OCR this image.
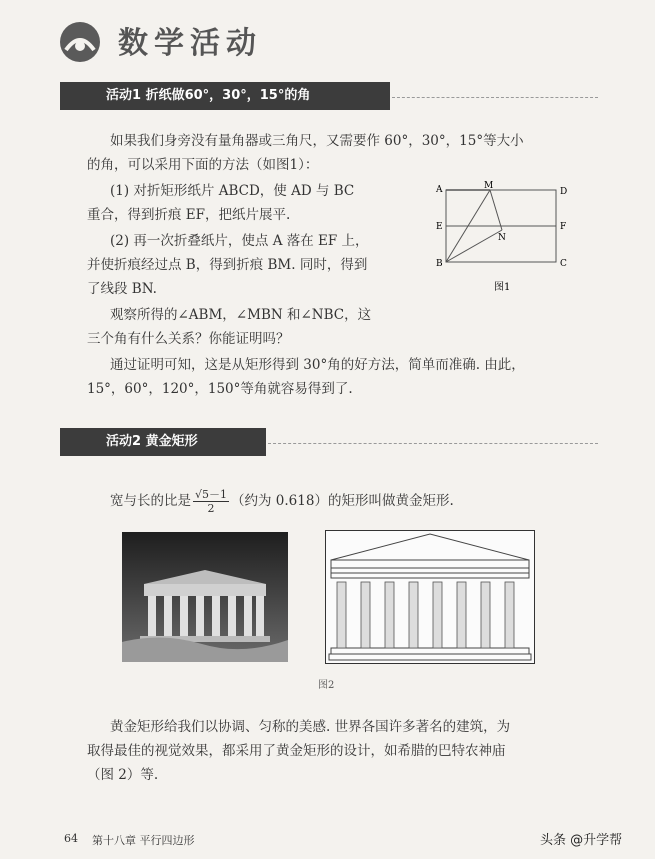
数学活动
活动1 折纸做60°，30°，15°的角
如果我们身旁没有量角器或三角尺，又需要作 60°，30°，15°等大小
的角，可以采用下面的方法（如图1）：
(1) 对折矩形纸片 ABCD，使 AD 与 BC
重合，得到折痕 EF，把纸片展平.
(2) 再一次折叠纸片，使点 A 落在 EF 上，
并使折痕经过点 B，得到折痕 BM. 同时，得到
了线段 BN.
观察所得的∠ABM，∠MBN 和∠NBC，这
三个角有什么关系？你能证明吗？
通过证明可知，这是从矩形得到 30°角的好方法，简单而准确. 由此，
15°，60°，120°，150°等角就容易得到了.
A	M
D
E
N
F
B	C
图1
活动2 黄金矩形
宽与长的比是 $\frac{√5-1}{2}$ （约为 0.618）的矩形叫做黄金矩形.
图2
黄金矩形给我们以协调、匀称的美感. 世界各国许多著名的建筑，为
取得最佳的视觉效果，都采用了黄金矩形的设计，如希腊的巴特农神庙
（图 2）等.
64 第十八章 平行四边形	头条 @升学帮
